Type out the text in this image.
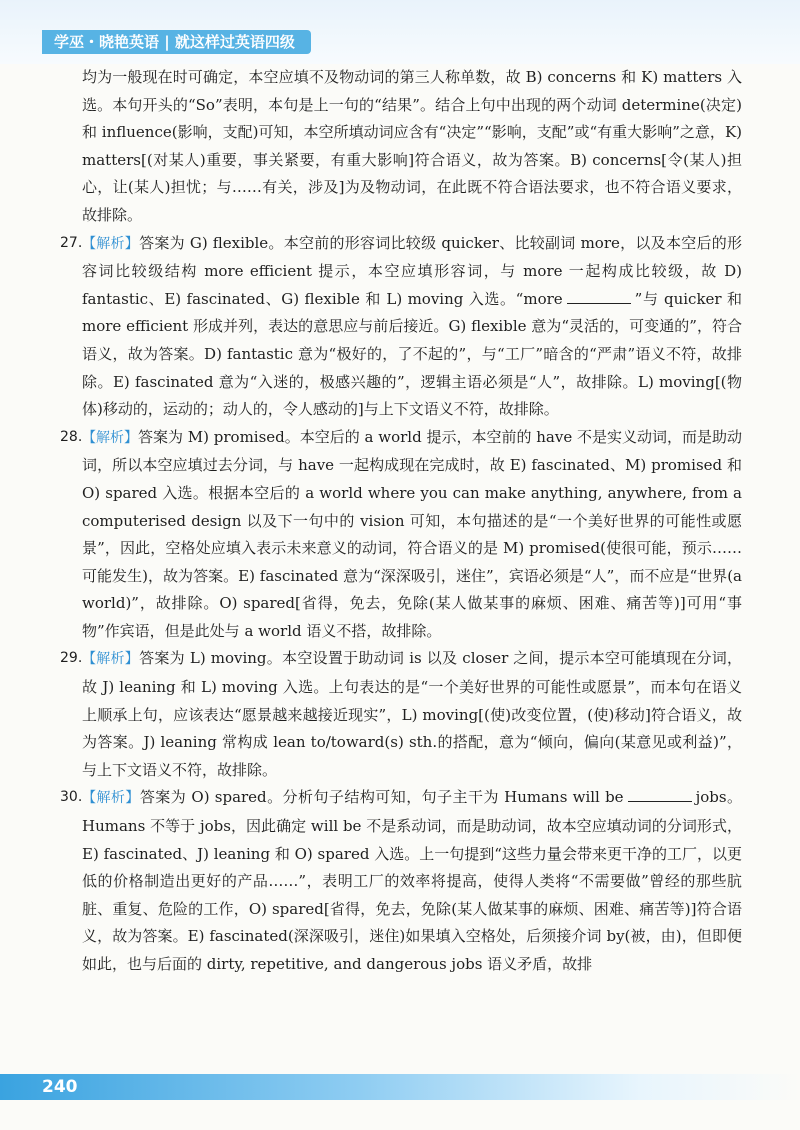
学巫・晓艳英语 | 就这样过英语四级

均为一般现在时可确定，本空应填不及物动词的第三人称单数，故 B) concerns 和 K) matters 入选。本句开头的“So”表明，本句是上一句的“结果”。结合上句中出现的两个动词 determine(决定)和 influence(影响，支配)可知，本空所填动词应含有“决定”“影响，支配”或“有重大影响”之意，K) matters[(对某人)重要，事关紧要，有重大影响]符合语义，故为答案。B) concerns[令(某人)担心，让(某人)担忧；与……有关，涉及]为及物动词，在此既不符合语法要求，也不符合语义要求，故排除。

27. 【解析】答案为 G) flexible。本空前的形容词比较级 quicker、比较副词 more，以及本空后的形容词比较级结构 more efficient 提示，本空应填形容词，与 more 一起构成比较级，故 D) fantastic、E) fascinated、G) flexible 和 L) moving 入选。“more	”与 quicker 和 more efficient 形成并列，表达的意思应与前后接近。G) flexible 意为“灵活的，可变通的”，符合语义，故为答案。D) fantastic 意为“极好的，了不起的”，与“工厂”暗含的“严肃”语义不符，故排除。E) fascinated 意为“入迷的，极感兴趣的”，逻辑主语必须是“人”，故排除。L) moving[(物体)移动的，运动的；动人的，令人感动的]与上下文语义不符，故排除。
28. 【解析】答案为 M) promised。本空后的 a world 提示，本空前的 have 不是实义动词，而是助动词，所以本空应填过去分词，与 have 一起构成现在完成时，故 E) fascinated、M) promised 和 O) spared 入选。根据本空后的 a world where you can make anything, anywhere, from a computerised design 以及下一句中的 vision 可知，本句描述的是“一个美好世界的可能性或愿景”，因此，空格处应填入表示未来意义的动词，符合语义的是 M) promised(使很可能，预示……可能发生)，故为答案。E) fascinated 意为“深深吸引，迷住”，宾语必须是“人”，而不应是“世界(a world)”，故排除。O) spared[省得，免去，免除(某人做某事的麻烦、困难、痛苦等)]可用“事物”作宾语，但是此处与 a world 语义不搭，故排除。
29. 【解析】答案为 L) moving。本空设置于助动词 is 以及 closer 之间，提示本空可能填现在分词，故 J) leaning 和 L) moving 入选。上句表达的是“一个美好世界的可能性或愿景”，而本句在语义上顺承上句，应该表达“愿景越来越接近现实”，L) moving[(使)改变位置，(使)移动]符合语义，故为答案。J) leaning 常构成 lean to/toward(s) sth.的搭配，意为“倾向，偏向(某意见或利益)”，与上下文语义不符，故排除。
30. 【解析】答案为 O) spared。分析句子结构可知，句子主干为 Humans will be	jobs。Humans 不等于 jobs，因此确定 will be 不是系动词，而是助动词，故本空应填动词的分词形式，E) fascinated、J) leaning 和 O) spared 入选。上一句提到“这些力量会带来更干净的工厂，以更低的价格制造出更好的产品……”，表明工厂的效率将提高，使得人类将“不需要做”曾经的那些肮脏、重复、危险的工作，O) spared[省得，免去，免除(某人做某事的麻烦、困难、痛苦等)]符合语义，故为答案。E) fascinated(深深吸引，迷住)如果填入空格处，后须接介词 by(被，由)，但即便如此，也与后面的 dirty, repetitive, and dangerous jobs 语义矛盾，故排
240
